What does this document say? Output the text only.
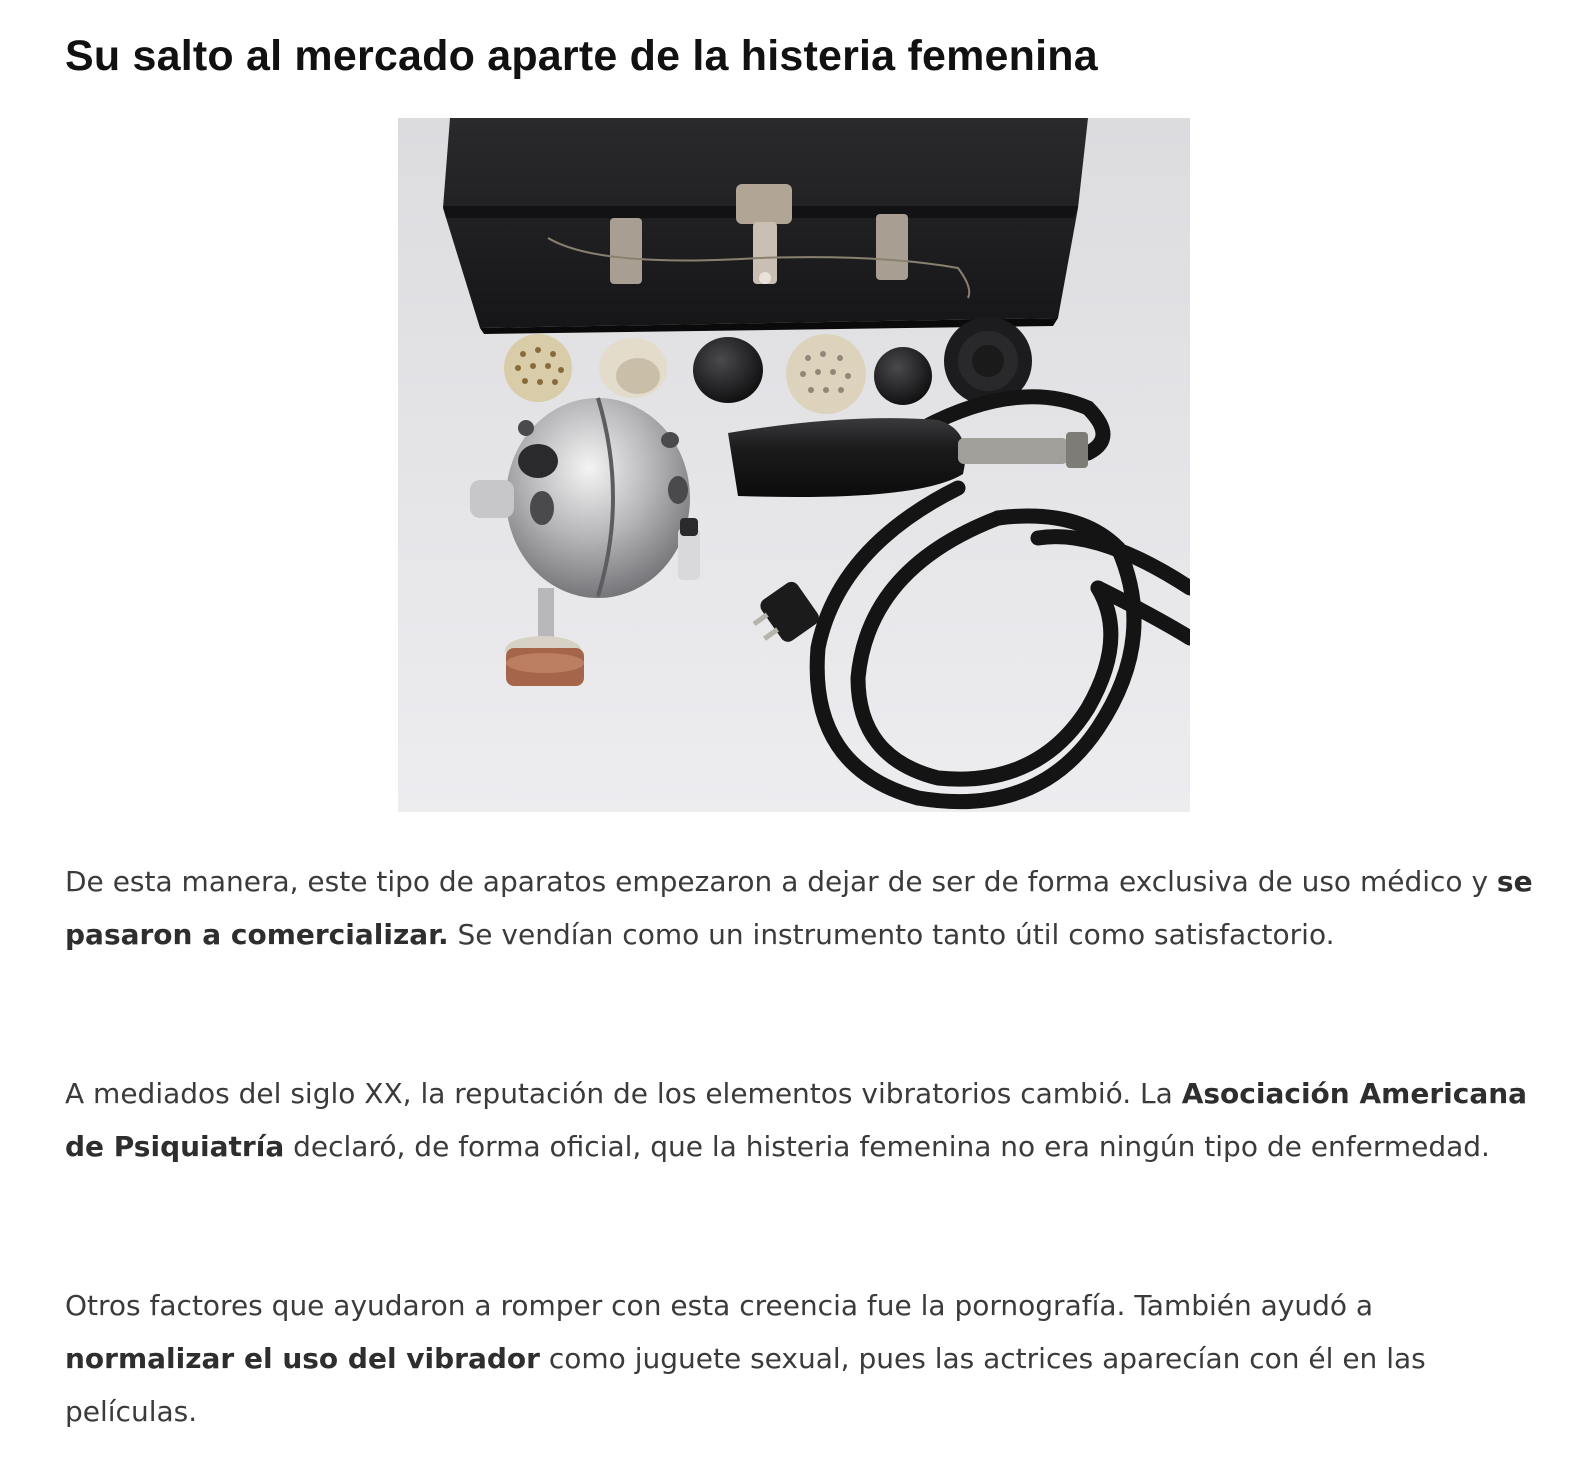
Su salto al mercado aparte de la histeria femenina

De esta manera, este tipo de aparatos empezaron a dejar de ser de forma exclusiva de uso médico y se pasaron a comercializar. Se vendían como un instrumento tanto útil como satisfactorio.

A mediados del siglo XX, la reputación de los elementos vibratorios cambió. La Asociación Americana de Psiquiatría declaró, de forma oficial, que la histeria femenina no era ningún tipo de enfermedad.

Otros factores que ayudaron a romper con esta creencia fue la pornografía. También ayudó a normalizar el uso del vibrador como juguete sexual, pues las actrices aparecían con él en las películas.
